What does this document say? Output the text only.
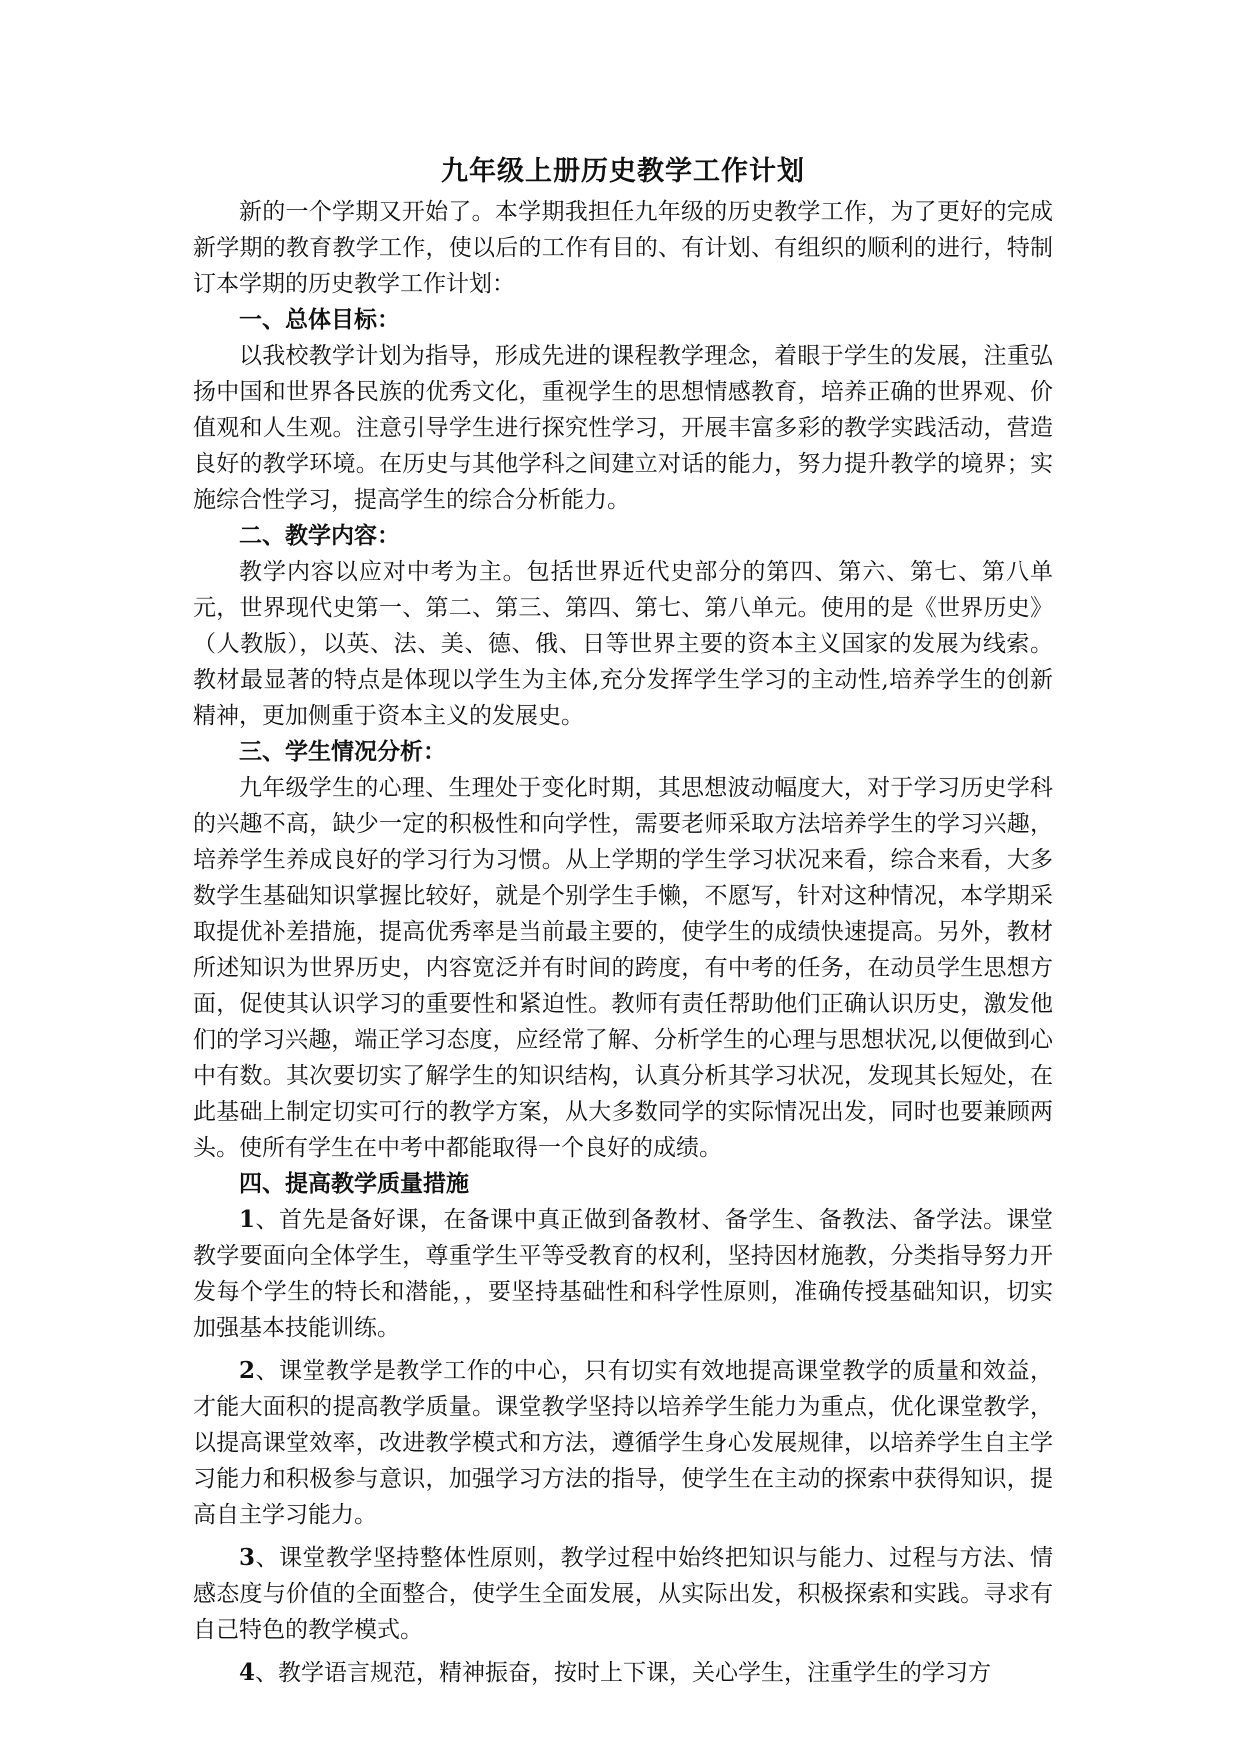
九年级上册历史教学工作计划

新的一个学期又开始了。本学期我担任九年级的历史教学工作，为了更好的完成新学期的教育教学工作，使以后的工作有目的、有计划、有组织的顺利的进行，特制订本学期的历史教学工作计划：

一、总体目标：

以我校教学计划为指导，形成先进的课程教学理念，着眼于学生的发展，注重弘扬中国和世界各民族的优秀文化，重视学生的思想情感教育，培养正确的世界观、价值观和人生观。注意引导学生进行探究性学习，开展丰富多彩的教学实践活动，营造良好的教学环境。在历史与其他学科之间建立对话的能力，努力提升教学的境界；实施综合性学习，提高学生的综合分析能力。

二、教学内容：

教学内容以应对中考为主。包括世界近代史部分的第四、第六、第七、第八单元，世界现代史第一、第二、第三、第四、第七、第八单元。使用的是《世界历史》（人教版），以英、法、美、德、俄、日等世界主要的资本主义国家的发展为线索。教材最显著的特点是体现以学生为主体,充分发挥学生学习的主动性,培养学生的创新精神，更加侧重于资本主义的发展史。

三、学生情况分析：

九年级学生的心理、生理处于变化时期，其思想波动幅度大，对于学习历史学科的兴趣不高，缺少一定的积极性和向学性，需要老师采取方法培养学生的学习兴趣，培养学生养成良好的学习行为习惯。从上学期的学生学习状况来看，综合来看，大多数学生基础知识掌握比较好，就是个别学生手懒，不愿写，针对这种情况，本学期采取提优补差措施，提高优秀率是当前最主要的，使学生的成绩快速提高。另外，教材所述知识为世界历史，内容宽泛并有时间的跨度，有中考的任务，在动员学生思想方面，促使其认识学习的重要性和紧迫性。教师有责任帮助他们正确认识历史，激发他们的学习兴趣，端正学习态度，应经常了解、分析学生的心理与思想状况,以便做到心中有数。其次要切实了解学生的知识结构，认真分析其学习状况，发现其长短处，在此基础上制定切实可行的教学方案，从大多数同学的实际情况出发，同时也要兼顾两头。使所有学生在中考中都能取得一个良好的成绩。

四、提高教学质量措施

1、首先是备好课，在备课中真正做到备教材、备学生、备教法、备学法。课堂教学要面向全体学生，尊重学生平等受教育的权利，坚持因材施教，分类指导努力开发每个学生的特长和潜能，，要坚持基础性和科学性原则，准确传授基础知识，切实加强基本技能训练。

2、课堂教学是教学工作的中心，只有切实有效地提高课堂教学的质量和效益，才能大面积的提高教学质量。课堂教学坚持以培养学生能力为重点，优化课堂教学，以提高课堂效率，改进教学模式和方法，遵循学生身心发展规律，以培养学生自主学习能力和积极参与意识，加强学习方法的指导，使学生在主动的探索中获得知识，提高自主学习能力。

3、课堂教学坚持整体性原则，教学过程中始终把知识与能力、过程与方法、情感态度与价值的全面整合，使学生全面发展，从实际出发，积极探索和实践。寻求有自己特色的教学模式。

4、教学语言规范，精神振奋，按时上下课，关心学生，注重学生的学习方
